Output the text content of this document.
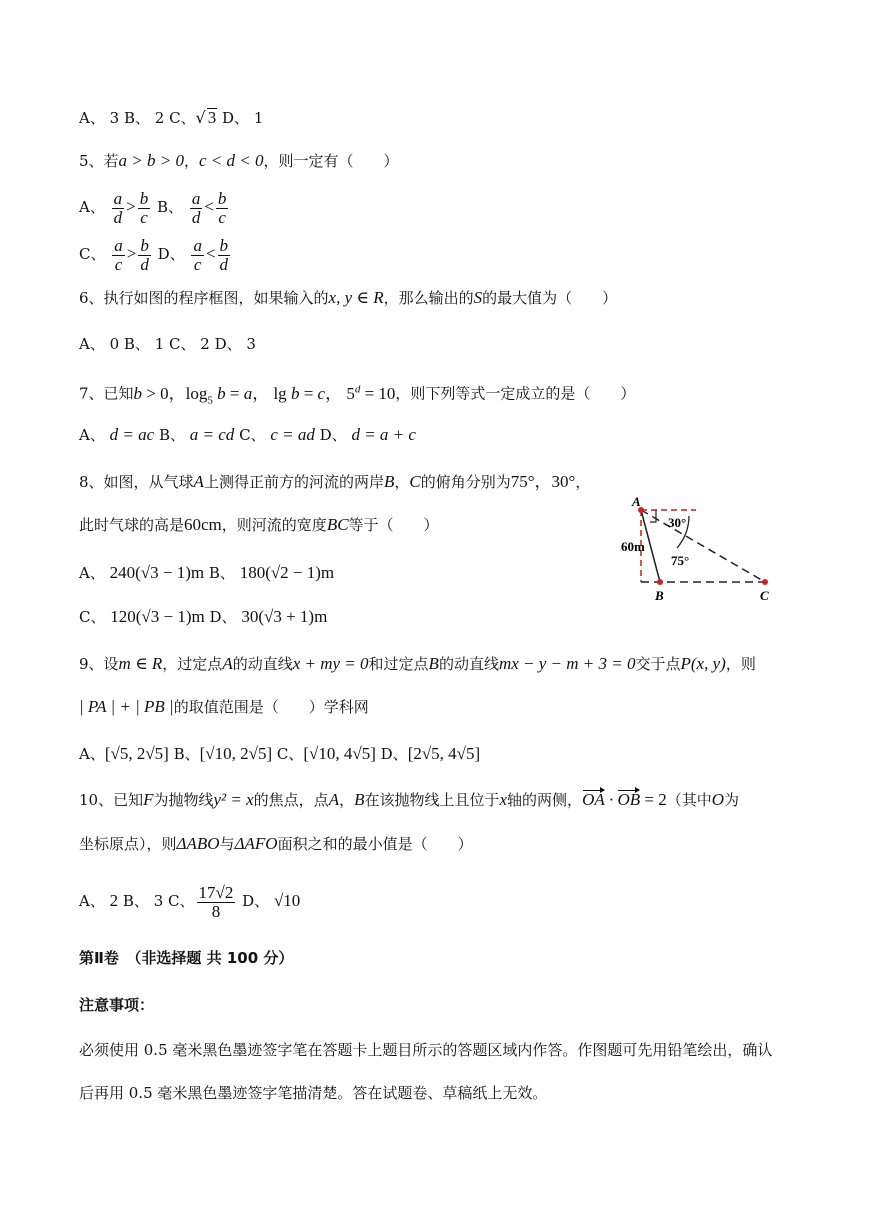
A、 3 B、 2 C、√ 3 D、 1
5、若a > b > 0，c < d < 0，则一定有（　　）
A、 $\frac{a}{d} > \frac{b}{c}$ B、 $\frac{a}{d} < \frac{b}{c}$
C、 $\frac{a}{c} > \frac{b}{d}$ D、 $\frac{a}{c} < \frac{b}{d}$
6、执行如图的程序框图，如果输入的x, y ∈ R，那么输出的S的最大值为（　　）
A、 0 B、 1 C、 2 D、 3
7、已知b > 0，$\log_5 b = a$， lg b = c， $5^d = 10$，则下列等式一定成立的是（　　）
A、 d = ac B、 a = cd C、 c = ad D、 d = a + c
8、如图，从气球A上测得正前方的河流的两岸B，C的俯角分别为75°，30°，
此时气球的高是60cm，则河流的宽度BC等于（　　）
A、 240(√3 − 1)m B、 180(√2 − 1)m
C、 120(√3 − 1)m D、 30(√3 + 1)m
A
B	C
60m
30°
75°
9、设m ∈ R，过定点A的动直线x + my = 0和过定点B的动直线mx − y − m + 3 = 0交于点P(x, y)，则
| PA | + | PB |的取值范围是（　　）学科网
A、[√5, 2√5] B、[√10, 2√5] C、[√10, 4√5] D、[2√5, 4√5]
10、已知F为抛物线y² = x的焦点，点A，B在该抛物线上且位于x轴的两侧，OA · OB = 2（其中O为
坐标原点），则ΔABO与ΔAFO面积之和的最小值是（　　）
A、 2 B、 3 C、 $\frac{17√2}{8}$ D、 √10
第Ⅱ卷　（非选择题 共 100 分）
注意事项：
必须使用 0.5 毫米黑色墨迹签字笔在答题卡上题目所示的答题区域内作答。作图题可先用铅笔绘出，确认
后再用 0.5 毫米黑色墨迹签字笔描清楚。答在试题卷、草稿纸上无效。
